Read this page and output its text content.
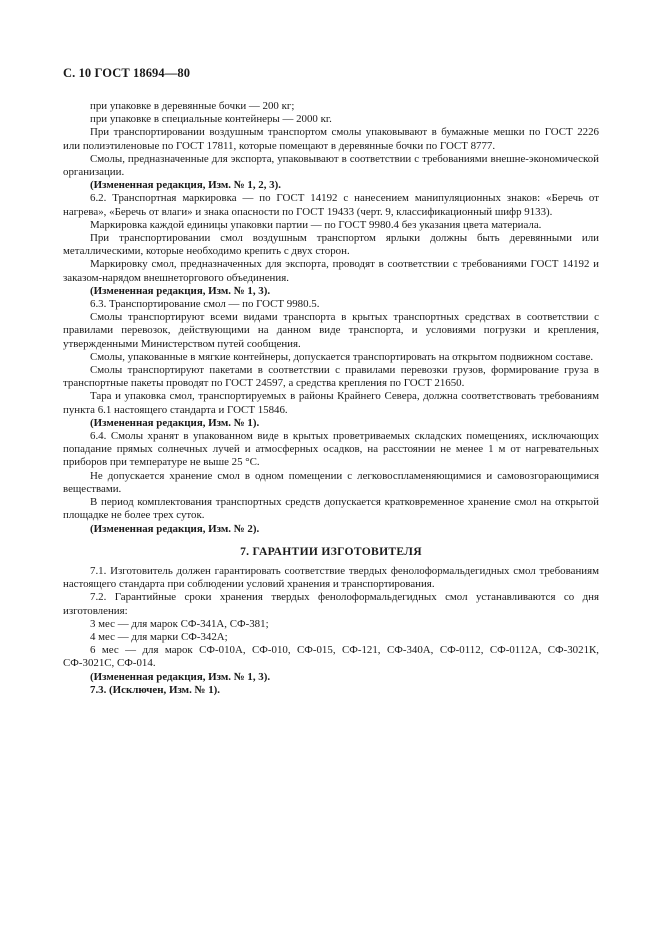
С. 10 ГОСТ 18694—80

при упаковке в деревянные бочки — 200 кг;

при упаковке в специальные контейнеры — 2000 кг.

При транспортировании воздушным транспортом смолы упаковывают в бумажные мешки по ГОСТ 2226 или полиэтиленовые по ГОСТ 17811, которые помещают в деревянные бочки по ГОСТ 8777.

Смолы, предназначенные для экспорта, упаковывают в соответствии с требованиями внешне-экономической организации.

(Измененная редакция, Изм. № 1, 2, 3).

6.2. Транспортная маркировка — по ГОСТ 14192 с нанесением манипуляционных знаков: «Беречь от нагрева», «Беречь от влаги» и знака опасности по ГОСТ 19433 (черт. 9, классификационный шифр 9133).

Маркировка каждой единицы упаковки партии — по ГОСТ 9980.4 без указания цвета материала.

При транспортировании смол воздушным транспортом ярлыки должны быть деревянными или металлическими, которые необходимо крепить с двух сторон.

Маркировку смол, предназначенных для экспорта, проводят в соответствии с требованиями ГОСТ 14192 и заказом-нарядом внешнеторгового объединения.

(Измененная редакция, Изм. № 1, 3).

6.3. Транспортирование смол — по ГОСТ 9980.5.

Смолы транспортируют всеми видами транспорта в крытых транспортных средствах в соответствии с правилами перевозок, действующими на данном виде транспорта, и условиями погрузки и крепления, утвержденными Министерством путей сообщения.

Смолы, упакованные в мягкие контейнеры, допускается транспортировать на открытом подвижном составе.

Смолы транспортируют пакетами в соответствии с правилами перевозки грузов, формирование груза в транспортные пакеты проводят по ГОСТ 24597, а средства крепления по ГОСТ 21650.

Тара и упаковка смол, транспортируемых в районы Крайнего Севера, должна соответствовать требованиям пункта 6.1 настоящего стандарта и ГОСТ 15846.

(Измененная редакция, Изм. № 1).

6.4. Смолы хранят в упакованном виде в крытых проветриваемых складских помещениях, исключающих попадание прямых солнечных лучей и атмосферных осадков, на расстоянии не менее 1 м от нагревательных приборов при температуре не выше 25 °С.

Не допускается хранение смол в одном помещении с легковоспламеняющимися и самовозгорающимися веществами.

В период комплектования транспортных средств допускается кратковременное хранение смол на открытой площадке не более трех суток.

(Измененная редакция, Изм. № 2).

7. ГАРАНТИИ ИЗГОТОВИТЕЛЯ

7.1. Изготовитель должен гарантировать соответствие твердых фенолоформальдегидных смол требованиям настоящего стандарта при соблюдении условий хранения и транспортирования.

7.2. Гарантийные сроки хранения твердых фенолоформальдегидных смол устанавливаются со дня изготовления:

3 мес — для марок СФ-341А, СФ-381;

4 мес — для марки СФ-342А;

6 мес — для марок СФ-010А, СФ-010, СФ-015, СФ-121, СФ-340А, СФ-0112, СФ-0112А, СФ-3021К, СФ-3021С, СФ-014.

(Измененная редакция, Изм. № 1, 3).

7.3. (Исключен, Изм. № 1).
